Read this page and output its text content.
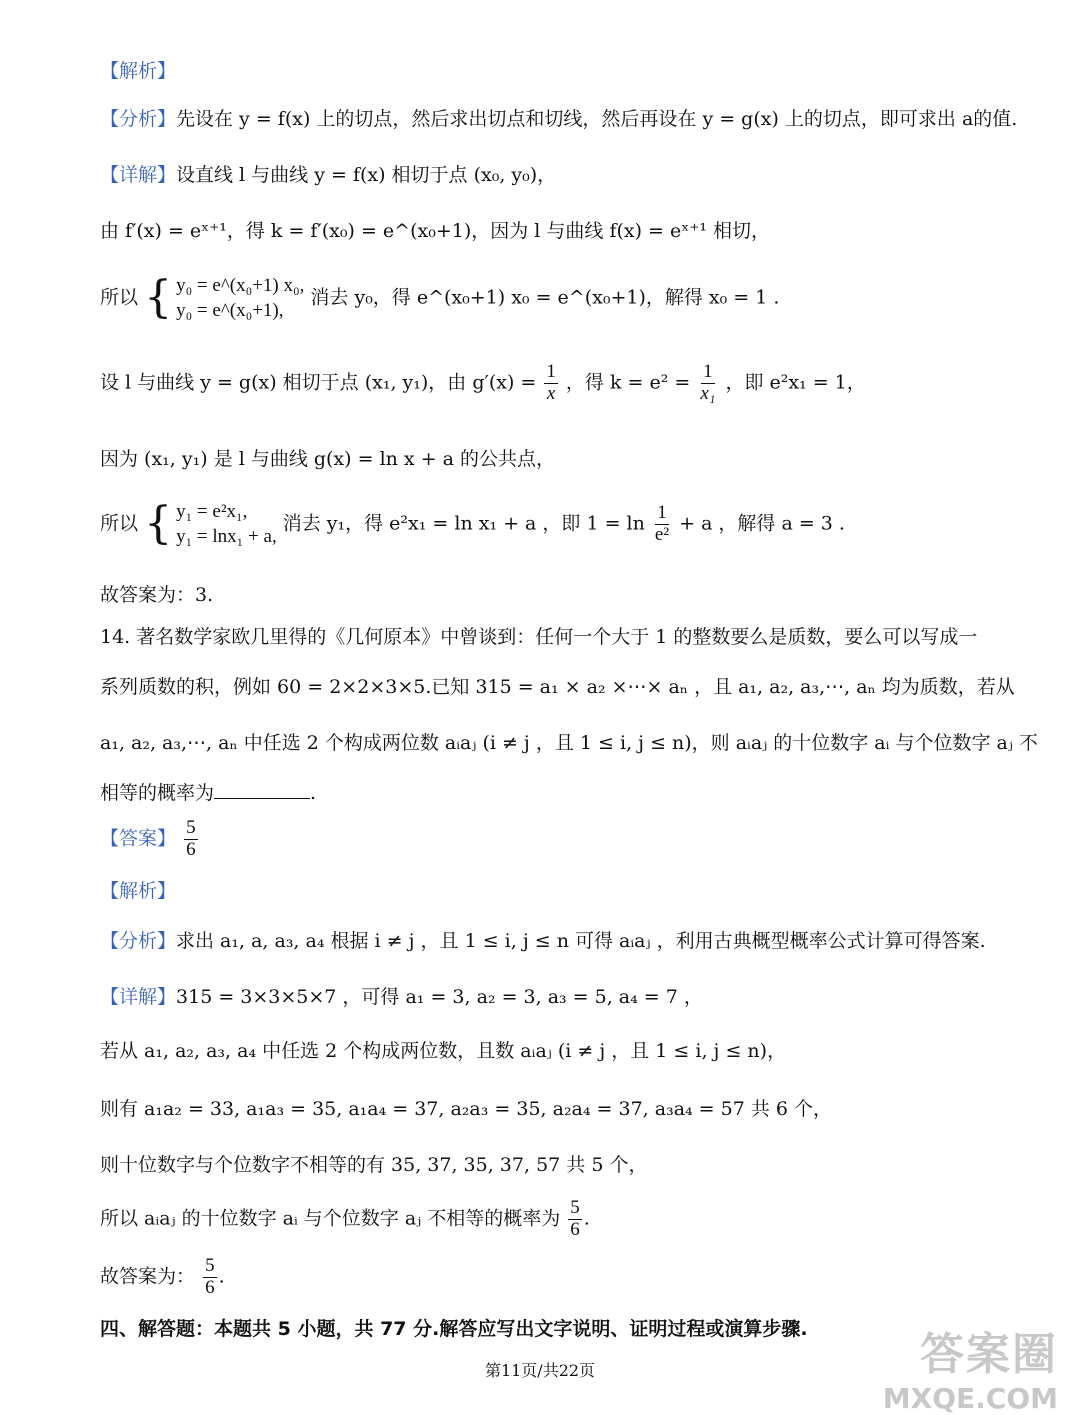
【解析】
【分析】先设在 y = f(x) 上的切点，然后求出切点和切线，然后再设在 y = g(x) 上的切点，即可求出 a的值.
【详解】设直线 l 与曲线 y = f(x) 相切于点 (x₀, y₀)，
由 f′(x) = eˣ⁺¹，得 k = f′(x₀) = e^(x₀+1)，因为 l 与曲线 f(x) = eˣ⁺¹ 相切，
所以 { y₀ = e^(x₀+1) x₀,
y₀ = e^(x₀+1),
消去 y₀，得 e^(x₀+1) x₀ = e^(x₀+1)，解得 x₀ = 1 .
设 l 与曲线 y = g(x) 相切于点 (x₁, y₁)，由 $g'(x) = \frac{1}{x}$ ，得 $k = e^2 = \frac{1}{\text{x₁}}$ ，即 e²x₁ = 1，
因为 (x₁, y₁) 是 l 与曲线 g(x) = ln x + a 的公共点，
所以 { y₁ = e²x₁,
y₁ = lnx₁ + a,
消去 y₁，得 e²x₁ = ln x₁ + a ，即 $1 = \ln \frac{1}{\text{e²}} + a$ ，解得 a = 3 .
故答案为：3.
14. 著名数学家欧几里得的《几何原本》中曾谈到：任何一个大于 1 的整数要么是质数，要么可以写成一
系列质数的积，例如 60 = 2×2×3×5.已知 315 = a₁ × a₂ ×⋯× aₙ ，且 a₁, a₂, a₃,⋯, aₙ 均为质数，若从
a₁, a₂, a₃,⋯, aₙ 中任选 2 个构成两位数 aᵢaⱼ (i ≠ j ，且 1 ≤ i, j ≤ n)，则 aᵢaⱼ 的十位数字 aᵢ 与个位数字 aⱼ 不
相等的概率为	.
【答案】 $\frac{5}{6}$
【解析】
【分析】求出 a₁, a, a₃, a₄ 根据 i ≠ j ，且 1 ≤ i, j ≤ n 可得 aᵢaⱼ ，利用古典概型概率公式计算可得答案.
【详解】315 = 3×3×5×7 ，可得 a₁ = 3, a₂ = 3, a₃ = 5, a₄ = 7 ，
若从 a₁, a₂, a₃, a₄ 中任选 2 个构成两位数，且数 aᵢaⱼ (i ≠ j ，且 1 ≤ i, j ≤ n)，
则有 a₁a₂ = 33, a₁a₃ = 35, a₁a₄ = 37, a₂a₃ = 35, a₂a₄ = 37, a₃a₄ = 57 共 6 个，
则十位数字与个位数字不相等的有 35, 37, 35, 37, 57 共 5 个，
所以 aᵢaⱼ 的十位数字 aᵢ 与个位数字 aⱼ 不相等的概率为 $\frac{5}{6}$ .
故答案为： $\frac{5}{6}$ .
四、解答题：本题共 5 小题，共 77 分.解答应写出文字说明、证明过程或演算步骤.
第11页/共22页	答案圈
MXQE.COM
